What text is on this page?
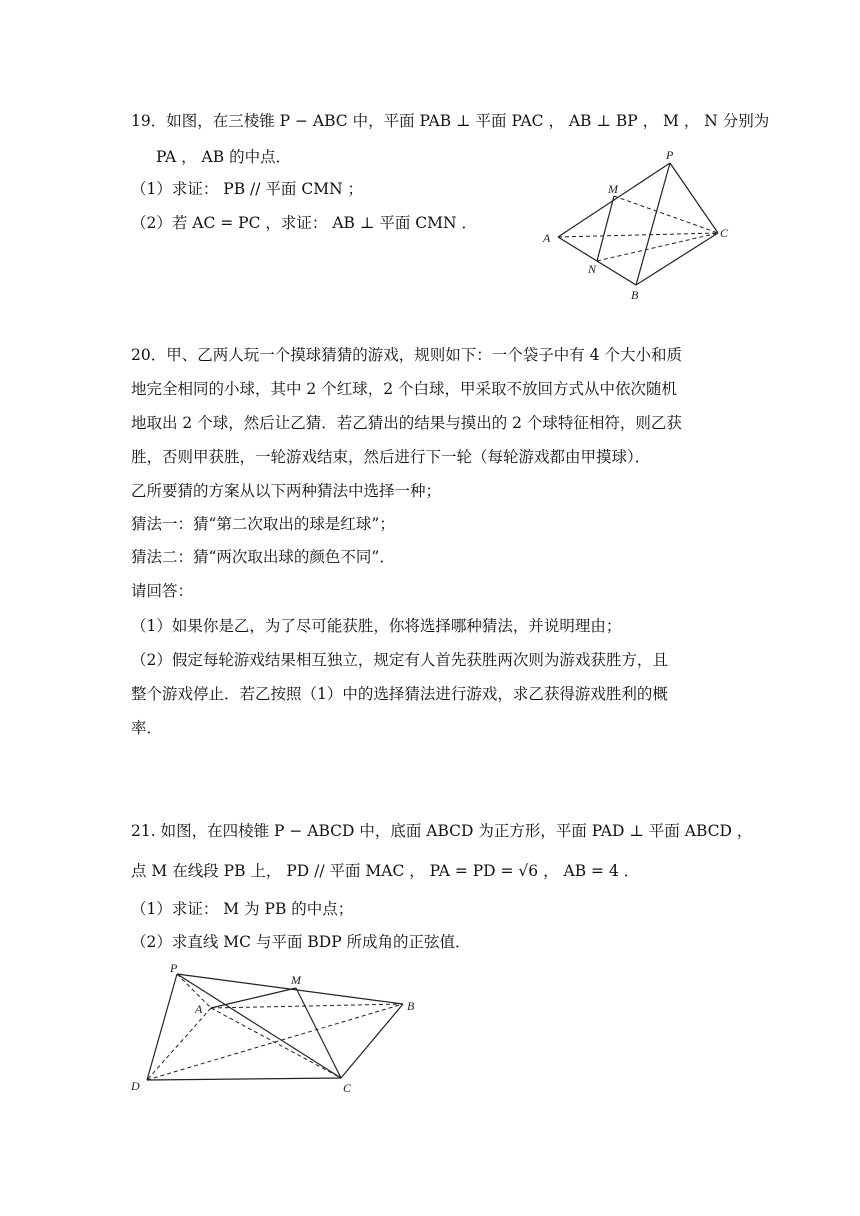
19．如图，在三棱锥 P − ABC 中，平面 PAB ⊥ 平面 PAC ， AB ⊥ BP ， M ， N 分别为
PA ， AB 的中点．
（1）求证： PB // 平面 CMN ；
（2）若 AC = PC ，求证： AB ⊥ 平面 CMN ．
P
M
A	C
N
B
20．甲、乙两人玩一个摸球猜猜的游戏，规则如下：一个袋子中有 4 个大小和质
地完全相同的小球，其中 2 个红球，2 个白球，甲采取不放回方式从中依次随机
地取出 2 个球，然后让乙猜．若乙猜出的结果与摸出的 2 个球特征相符，则乙获
胜，否则甲获胜，一轮游戏结束，然后进行下一轮（每轮游戏都由甲摸球）．
乙所要猜的方案从以下两种猜法中选择一种；
猜法一：猜“第二次取出的球是红球”；
猜法二：猜“两次取出球的颜色不同”．
请回答：
（1）如果你是乙，为了尽可能获胜，你将选择哪种猜法，并说明理由；
（2）假定每轮游戏结果相互独立，规定有人首先获胜两次则为游戏获胜方，且
整个游戏停止．若乙按照（1）中的选择猜法进行游戏，求乙获得游戏胜利的概
率．
21. 如图，在四棱锥 P − ABCD 中，底面 ABCD 为正方形，平面 PAD ⊥ 平面 ABCD ，
点 M 在线段 PB 上， PD // 平面 MAC ， PA = PD = √6 ， AB = 4 ．
（1）求证： M 为 PB 的中点；
（2）求直线 MC 与平面 BDP 所成角的正弦值．
P
M
A	B
D	C
